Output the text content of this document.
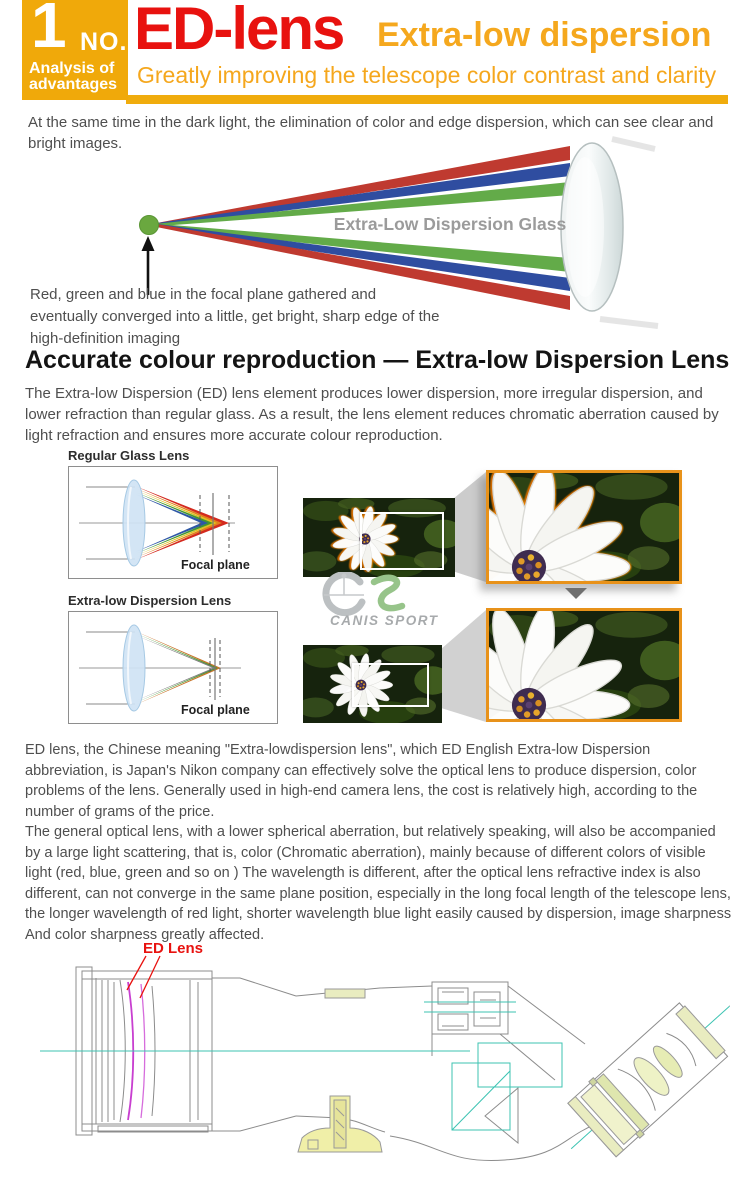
1 NO.
Analysis of
advantages
ED-lens Extra-low dispersion
Greatly improving the telescope color contrast and clarity
At the same time in the dark light, the elimination of color and edge dispersion, which can see clear and bright images.
Extra-Low Dispersion Glass
Red, green and blue in the focal plane gathered and eventually converged into a little, get bright, sharp edge of the high-definition imaging
Accurate colour reproduction — Extra-low Dispersion Lens
The Extra-low Dispersion (ED) lens element produces lower dispersion, more irregular dispersion, and lower refraction than regular glass. As a result, the lens element reduces chromatic aberration caused by light refraction and ensures more accurate colour reproduction.
Regular Glass Lens
Focal plane
Extra-low Dispersion Lens
Focal plane
CANIS SPORT

ED lens, the Chinese meaning "Extra-lowdispersion lens", which ED English Extra-low Dispersion abbreviation, is Japan's Nikon company can effectively solve the optical lens to produce dispersion, color problems of the lens. Generally used in high-end camera lens, the cost is relatively high, according to the number of grams of the price.

The general optical lens, with a lower spherical aberration, but relatively speaking, will also be accompanied by a large light scattering, that is, color (Chromatic aberration), mainly because of different colors of visible light (red, blue, green and so on ) The wavelength is different, after the optical lens refractive index is also different, can not converge in the same plane position, especially in the long focal length of the telescope lens, the longer wavelength of red light, shorter wavelength blue light easily caused by dispersion, image sharpness And color sharpness greatly affected.

ED Lens
